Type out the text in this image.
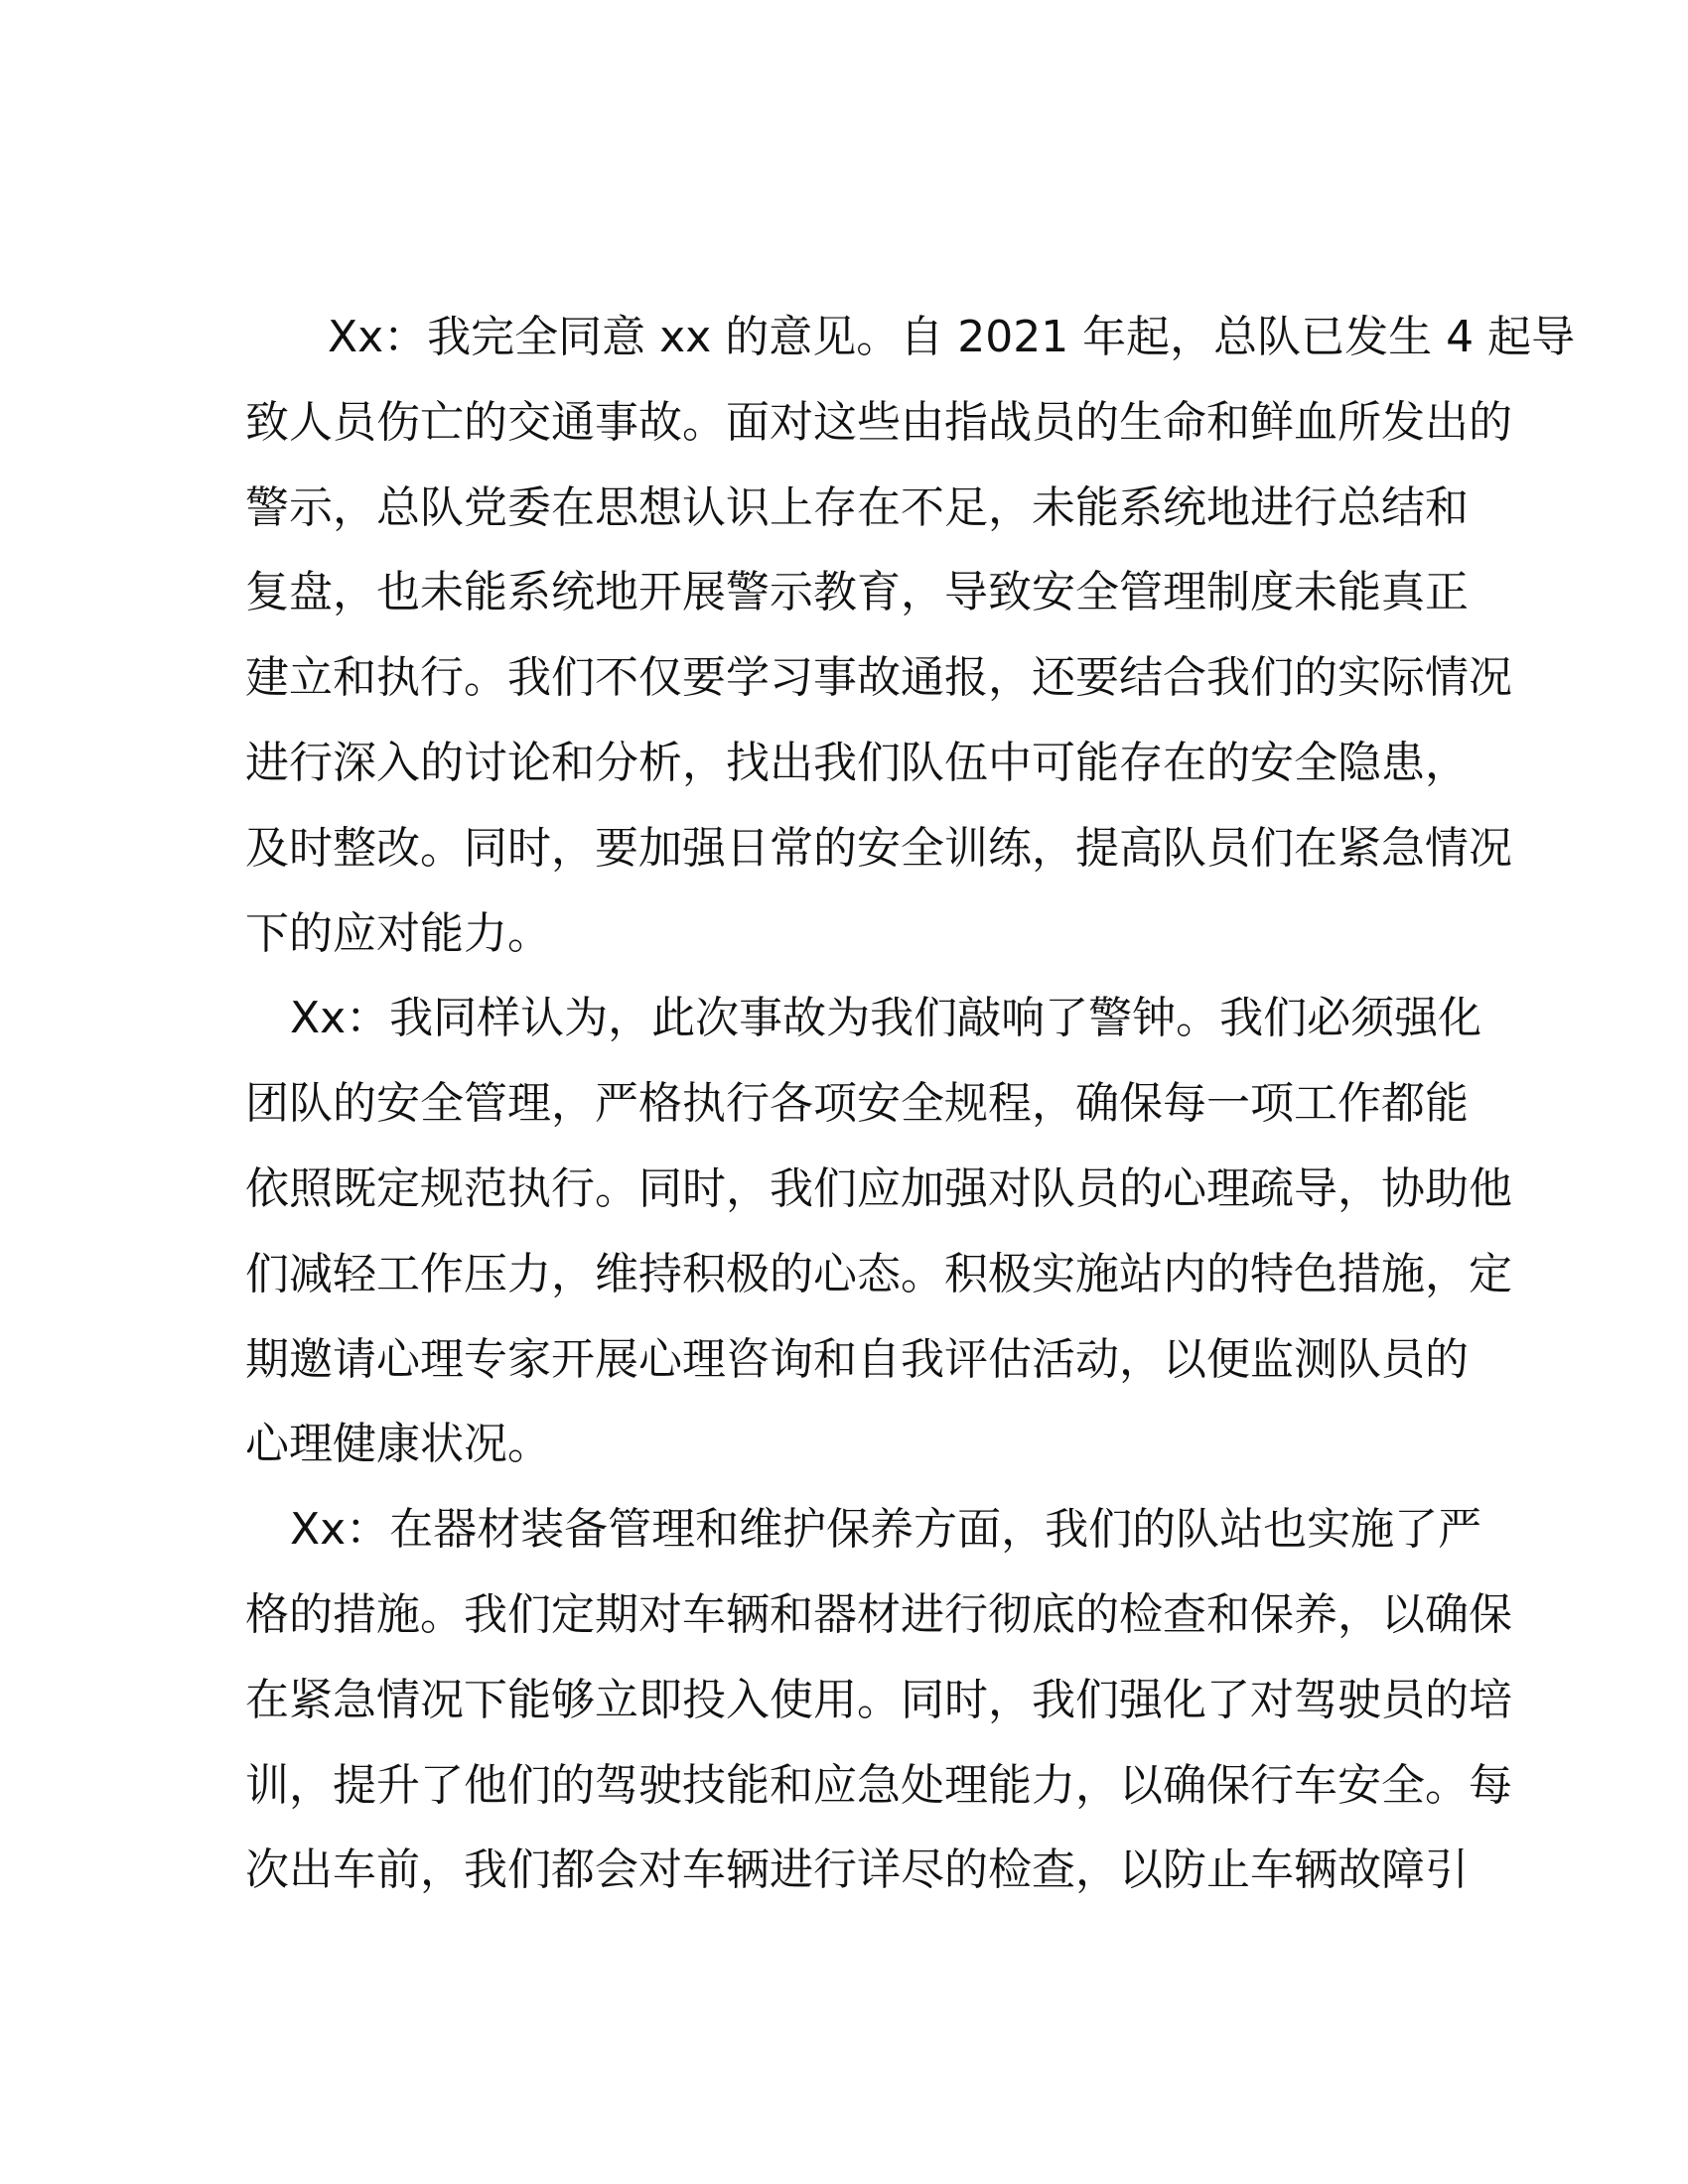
Xx：我完全同意 xx 的意见。自 2021 年起，总队已发生 4 起导
致人员伤亡的交通事故。面对这些由指战员的生命和鲜血所发出的
警示，总队党委在思想认识上存在不足，未能系统地进行总结和
复盘，也未能系统地开展警示教育，导致安全管理制度未能真正
建立和执行。我们不仅要学习事故通报，还要结合我们的实际情况
进行深入的讨论和分析，找出我们队伍中可能存在的安全隐患，
及时整改。同时，要加强日常的安全训练，提高队员们在紧急情况
下的应对能力。
Xx：我同样认为，此次事故为我们敲响了警钟。我们必须强化
团队的安全管理，严格执行各项安全规程，确保每一项工作都能
依照既定规范执行。同时，我们应加强对队员的心理疏导，协助他
们减轻工作压力，维持积极的心态。积极实施站内的特色措施，定
期邀请心理专家开展心理咨询和自我评估活动，以便监测队员的
心理健康状况。
Xx：在器材装备管理和维护保养方面，我们的队站也实施了严
格的措施。我们定期对车辆和器材进行彻底的检查和保养，以确保
在紧急情况下能够立即投入使用。同时，我们强化了对驾驶员的培
训，提升了他们的驾驶技能和应急处理能力，以确保行车安全。每
次出车前，我们都会对车辆进行详尽的检查，以防止车辆故障引
